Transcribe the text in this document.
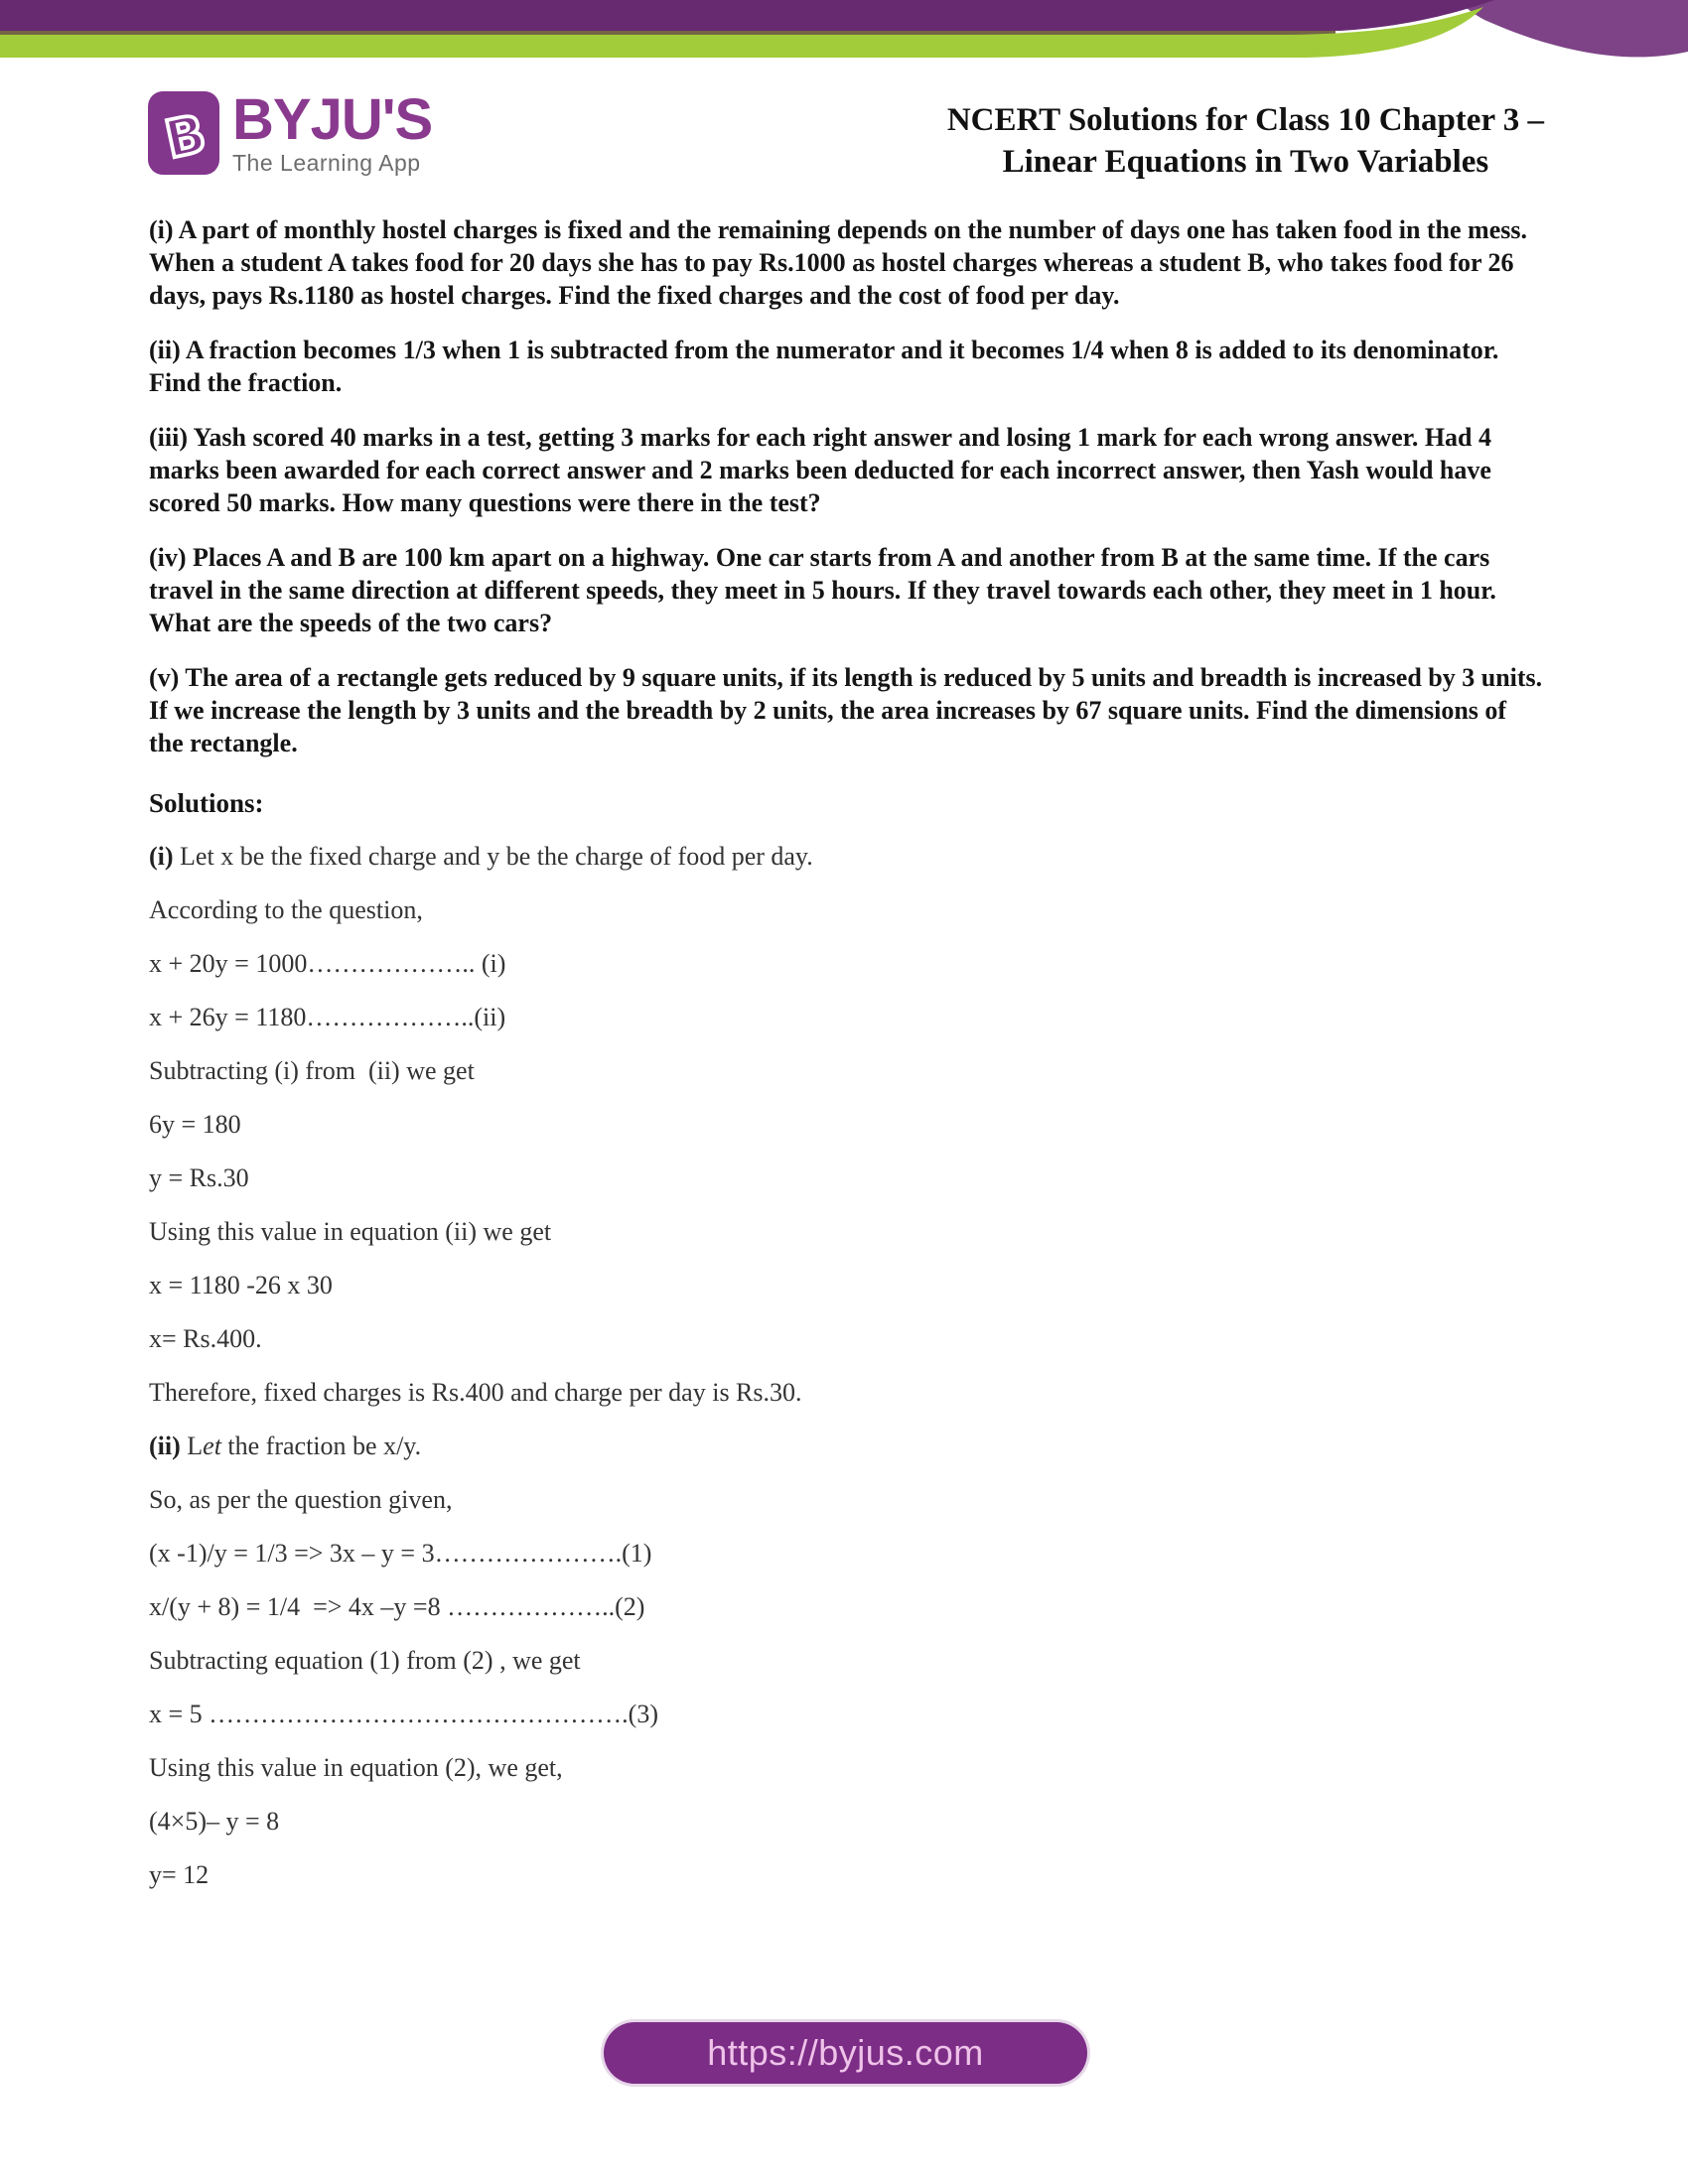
B BYJU'S
The Learning App
NCERT Solutions for Class 10 Chapter 3 –
Linear Equations in Two Variables

(i) A part of monthly hostel charges is fixed and the remaining depends on the number of days one has taken food in the mess. When a student A takes food for 20 days she has to pay Rs.1000 as hostel charges whereas a student B, who takes food for 26 days, pays Rs.1180 as hostel charges. Find the fixed charges and the cost of food per day.

(ii) A fraction becomes 1/3 when 1 is subtracted from the numerator and it becomes 1/4 when 8 is added to its denominator. Find the fraction.

(iii) Yash scored 40 marks in a test, getting 3 marks for each right answer and losing 1 mark for each wrong answer. Had 4 marks been awarded for each correct answer and 2 marks been deducted for each incorrect answer, then Yash would have scored 50 marks. How many questions were there in the test?

(iv) Places A and B are 100 km apart on a highway. One car starts from A and another from B at the same time. If the cars travel in the same direction at different speeds, they meet in 5 hours. If they travel towards each other, they meet in 1 hour. What are the speeds of the two cars?

(v) The area of a rectangle gets reduced by 9 square units, if its length is reduced by 5 units and breadth is increased by 3 units. If we increase the length by 3 units and the breadth by 2 units, the area increases by 67 square units. Find the dimensions of the rectangle.

Solutions:

(i) Let x be the fixed charge and y be the charge of food per day.

According to the question,

x + 20y = 1000……………….. (i)

x + 26y = 1180………………..(ii)

Subtracting (i) from  (ii) we get

6y = 180

y = Rs.30

Using this value in equation (ii) we get

x = 1180 -26 x 30

x= Rs.400.

Therefore, fixed charges is Rs.400 and charge per day is Rs.30.

(ii) Let the fraction be x/y.

So, as per the question given,

(x -1)/y = 1/3 => 3x – y = 3………………….(1)

x/(y + 8) = 1/4  => 4x –y =8 ………………..(2)

Subtracting equation (1) from (2) , we get

x = 5 ………………………………………….(3)

Using this value in equation (2), we get,

(4×5)– y = 8

y= 12

https://byjus.com
